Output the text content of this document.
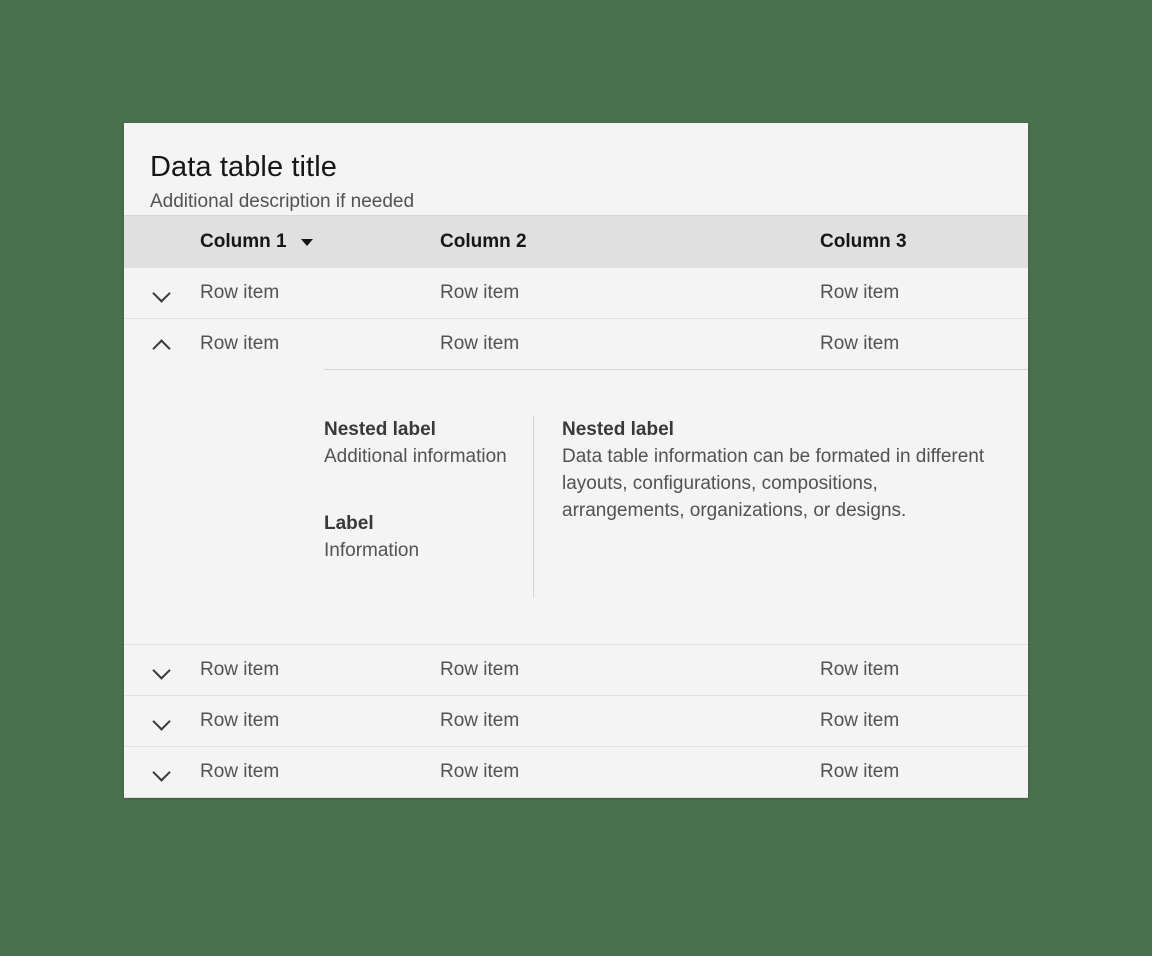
Data table title
Additional description if needed
Column 1	Column 2	Column 3
Row item	Row item	Row item
Row item	Row item	Row item
Nested label
Additional information
Label
Information
Nested label
Data table information can be formated in different layouts, configurations, compositions, arrangements, organizations, or designs.
Row item	Row item	Row item
Row item	Row item	Row item
Row item	Row item	Row item
